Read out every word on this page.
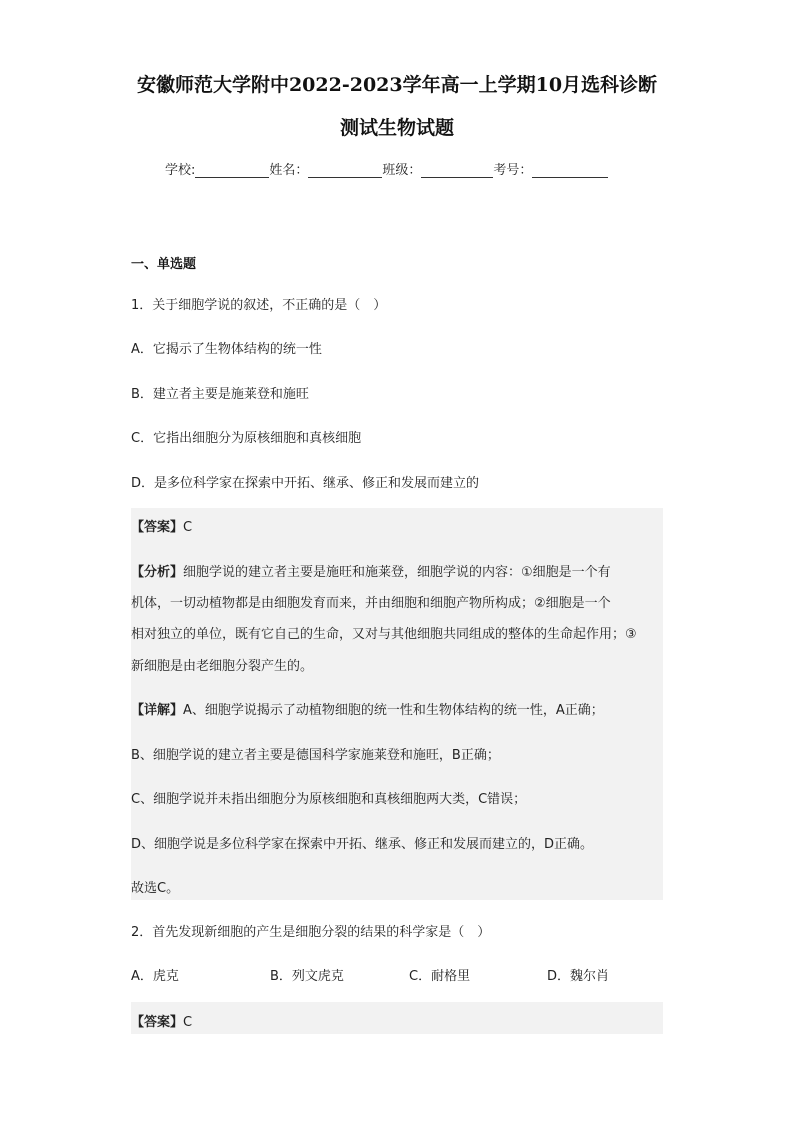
安徽师范大学附中2022-2023学年高一上学期10月选科诊断
测试生物试题
学校:	姓名：	班级：	考号：
一、单选题
1．关于细胞学说的叙述，不正确的是（　）
A．它揭示了生物体结构的统一性
B．建立者主要是施莱登和施旺
C．它指出细胞分为原核细胞和真核细胞
D．是多位科学家在探索中开拓、继承、修正和发展而建立的
【答案】C
【分析】细胞学说的建立者主要是施旺和施莱登，细胞学说的内容：①细胞是一个有
机体，一切动植物都是由细胞发育而来，并由细胞和细胞产物所构成；②细胞是一个
相对独立的单位，既有它自己的生命，又对与其他细胞共同组成的整体的生命起作用；③
新细胞是由老细胞分裂产生的。
【详解】A、细胞学说揭示了动植物细胞的统一性和生物体结构的统一性，A正确；
B、细胞学说的建立者主要是德国科学家施莱登和施旺，B正确；
C、细胞学说并未指出细胞分为原核细胞和真核细胞两大类，C错误；
D、细胞学说是多位科学家在探索中开拓、继承、修正和发展而建立的，D正确。
故选C。
2．首先发现新细胞的产生是细胞分裂的结果的科学家是（　）
A．虎克	B．列文虎克	C．耐格里	D．魏尔肖
【答案】C
